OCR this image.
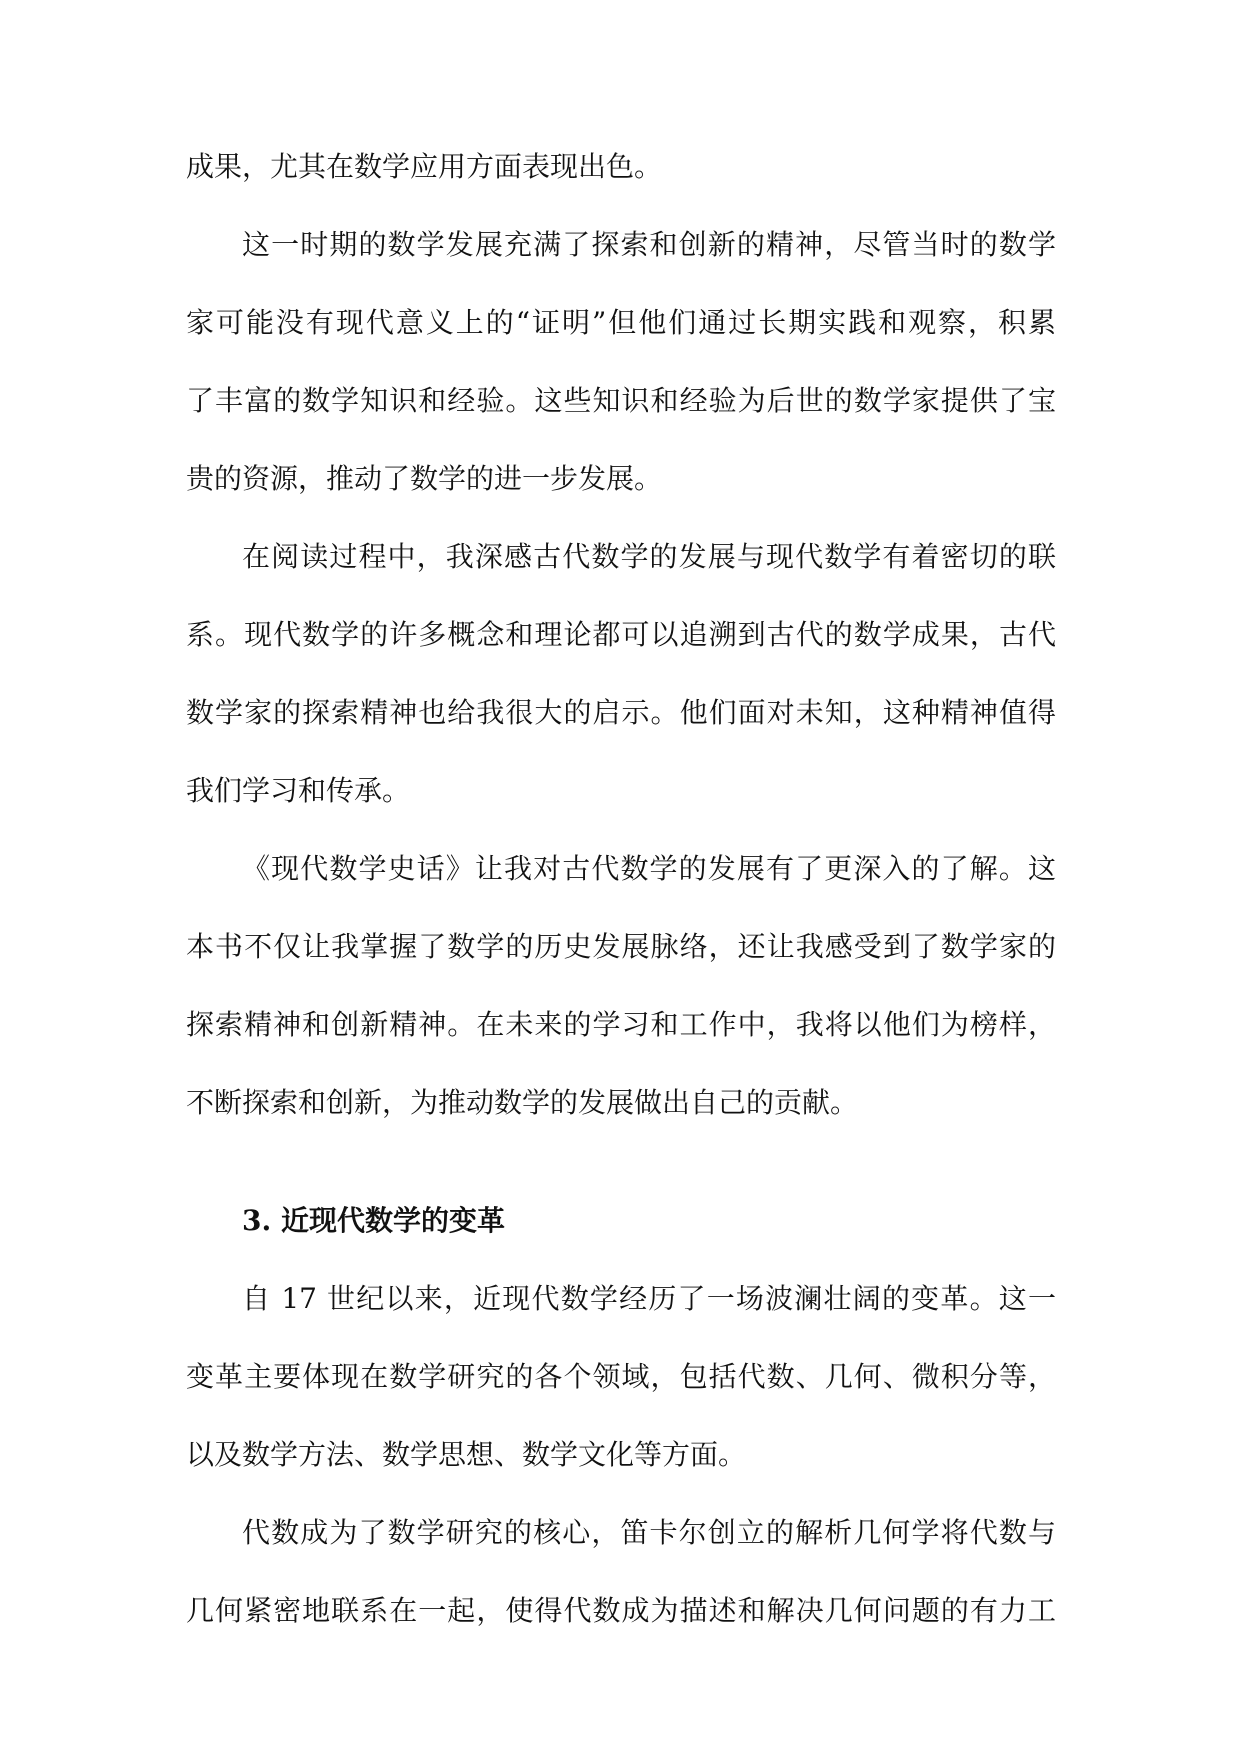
成果，尤其在数学应用方面表现出色。
这一时期的数学发展充满了探索和创新的精神，尽管当时的数学
家可能没有现代意义上的“证明”但他们通过长期实践和观察，积累
了丰富的数学知识和经验。这些知识和经验为后世的数学家提供了宝
贵的资源，推动了数学的进一步发展。
在阅读过程中，我深感古代数学的发展与现代数学有着密切的联
系。现代数学的许多概念和理论都可以追溯到古代的数学成果，古代
数学家的探索精神也给我很大的启示。他们面对未知，这种精神值得
我们学习和传承。
《现代数学史话》让我对古代数学的发展有了更深入的了解。这
本书不仅让我掌握了数学的历史发展脉络，还让我感受到了数学家的
探索精神和创新精神。在未来的学习和工作中，我将以他们为榜样，
不断探索和创新，为推动数学的发展做出自己的贡献。
3. 近现代数学的变革
自 17 世纪以来，近现代数学经历了一场波澜壮阔的变革。这一
变革主要体现在数学研究的各个领域，包括代数、几何、微积分等，
以及数学方法、数学思想、数学文化等方面。
代数成为了数学研究的核心，笛卡尔创立的解析几何学将代数与
几何紧密地联系在一起，使得代数成为描述和解决几何问题的有力工
